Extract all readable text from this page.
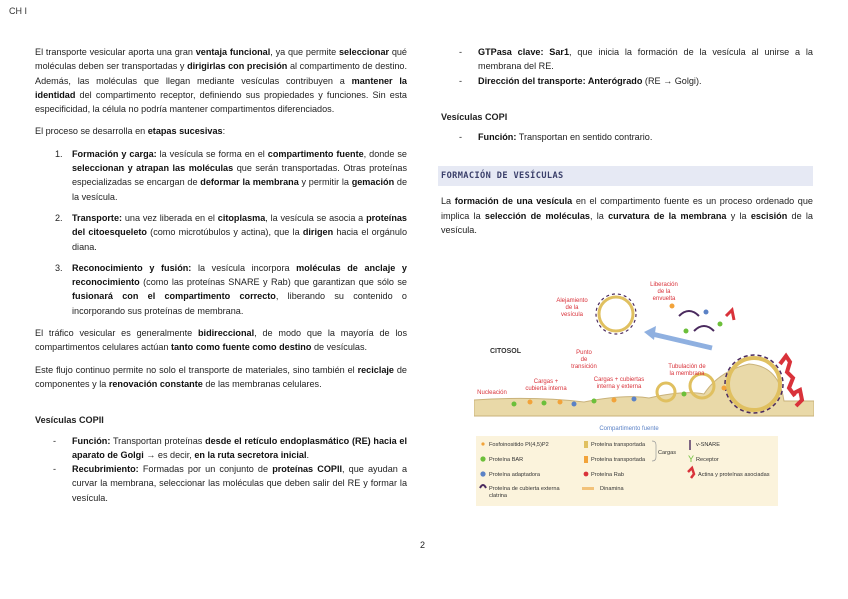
CH I

El transporte vesicular aporta una gran ventaja funcional, ya que permite seleccionar qué moléculas deben ser transportadas y dirigirlas con precisión al compartimento de destino. Además, las moléculas que llegan mediante vesículas contribuyen a mantener la identidad del compartimento receptor, definiendo sus propiedades y funciones. Sin esta especificidad, la célula no podría mantener compartimentos diferenciados.

El proceso se desarrolla en etapas sucesivas:

1. Formación y carga: la vesícula se forma en el compartimento fuente, donde se seleccionan y atrapan las moléculas que serán transportadas. Otras proteínas especializadas se encargan de deformar la membrana y permitir la gemación de la vesícula.
2. Transporte: una vez liberada en el citoplasma, la vesícula se asocia a proteínas del citoesqueleto (como microtúbulos y actina), que la dirigen hacia el orgánulo diana.
3. Reconocimiento y fusión: la vesícula incorpora moléculas de anclaje y reconocimiento (como las proteínas SNARE y Rab) que garantizan que sólo se fusionará con el compartimento correcto, liberando su contenido o incorporando sus proteínas de membrana.

El tráfico vesicular es generalmente bidireccional, de modo que la mayoría de los compartimentos celulares actúan tanto como fuente como destino de vesículas.

Este flujo continuo permite no solo el transporte de materiales, sino también el reciclaje de componentes y la renovación constante de las membranas celulares.

Vesículas COPII
- Función: Transportan proteínas desde el retículo endoplasmático (RE) hacia el aparato de Golgi → es decir, en la ruta secretora inicial.
- Recubrimiento: Formadas por un conjunto de proteínas COPII, que ayudan a curvar la membrana, seleccionar las moléculas que deben salir del RE y formar la vesícula.
- GTPasa clave: Sar1, que inicia la formación de la vesícula al unirse a la membrana del RE.
- Dirección del transporte: Anterógrado (RE → Golgi).
Vesículas COPI
- Función: Transportan en sentido contrario.
FORMACIÓN DE VESÍCULAS

La formación de una vesícula en el compartimento fuente es un proceso ordenado que implica la selección de moléculas, la curvatura de la membrana y la escisión de la vesícula.

Alejamiento
de la
vesícula
Liberación
de la
envuelta
Punto
de
transición
Cargas +
cubierta interna
Cargas + cubiertas
interna y externa
Tubulación de
la membrana
Nucleación
CITOSOL
Compartimento fuente
Fosfoinositido PI(4,5)P2
Proteína BAR
Proteína adaptadora
Proteína de cubierta externa
clatrina
Proteína transportada
Proteína transportada
Proteína Rab
Dinamina
Cargas
v-SNARE
Y Receptor
Actina y proteínas asociadas
2
